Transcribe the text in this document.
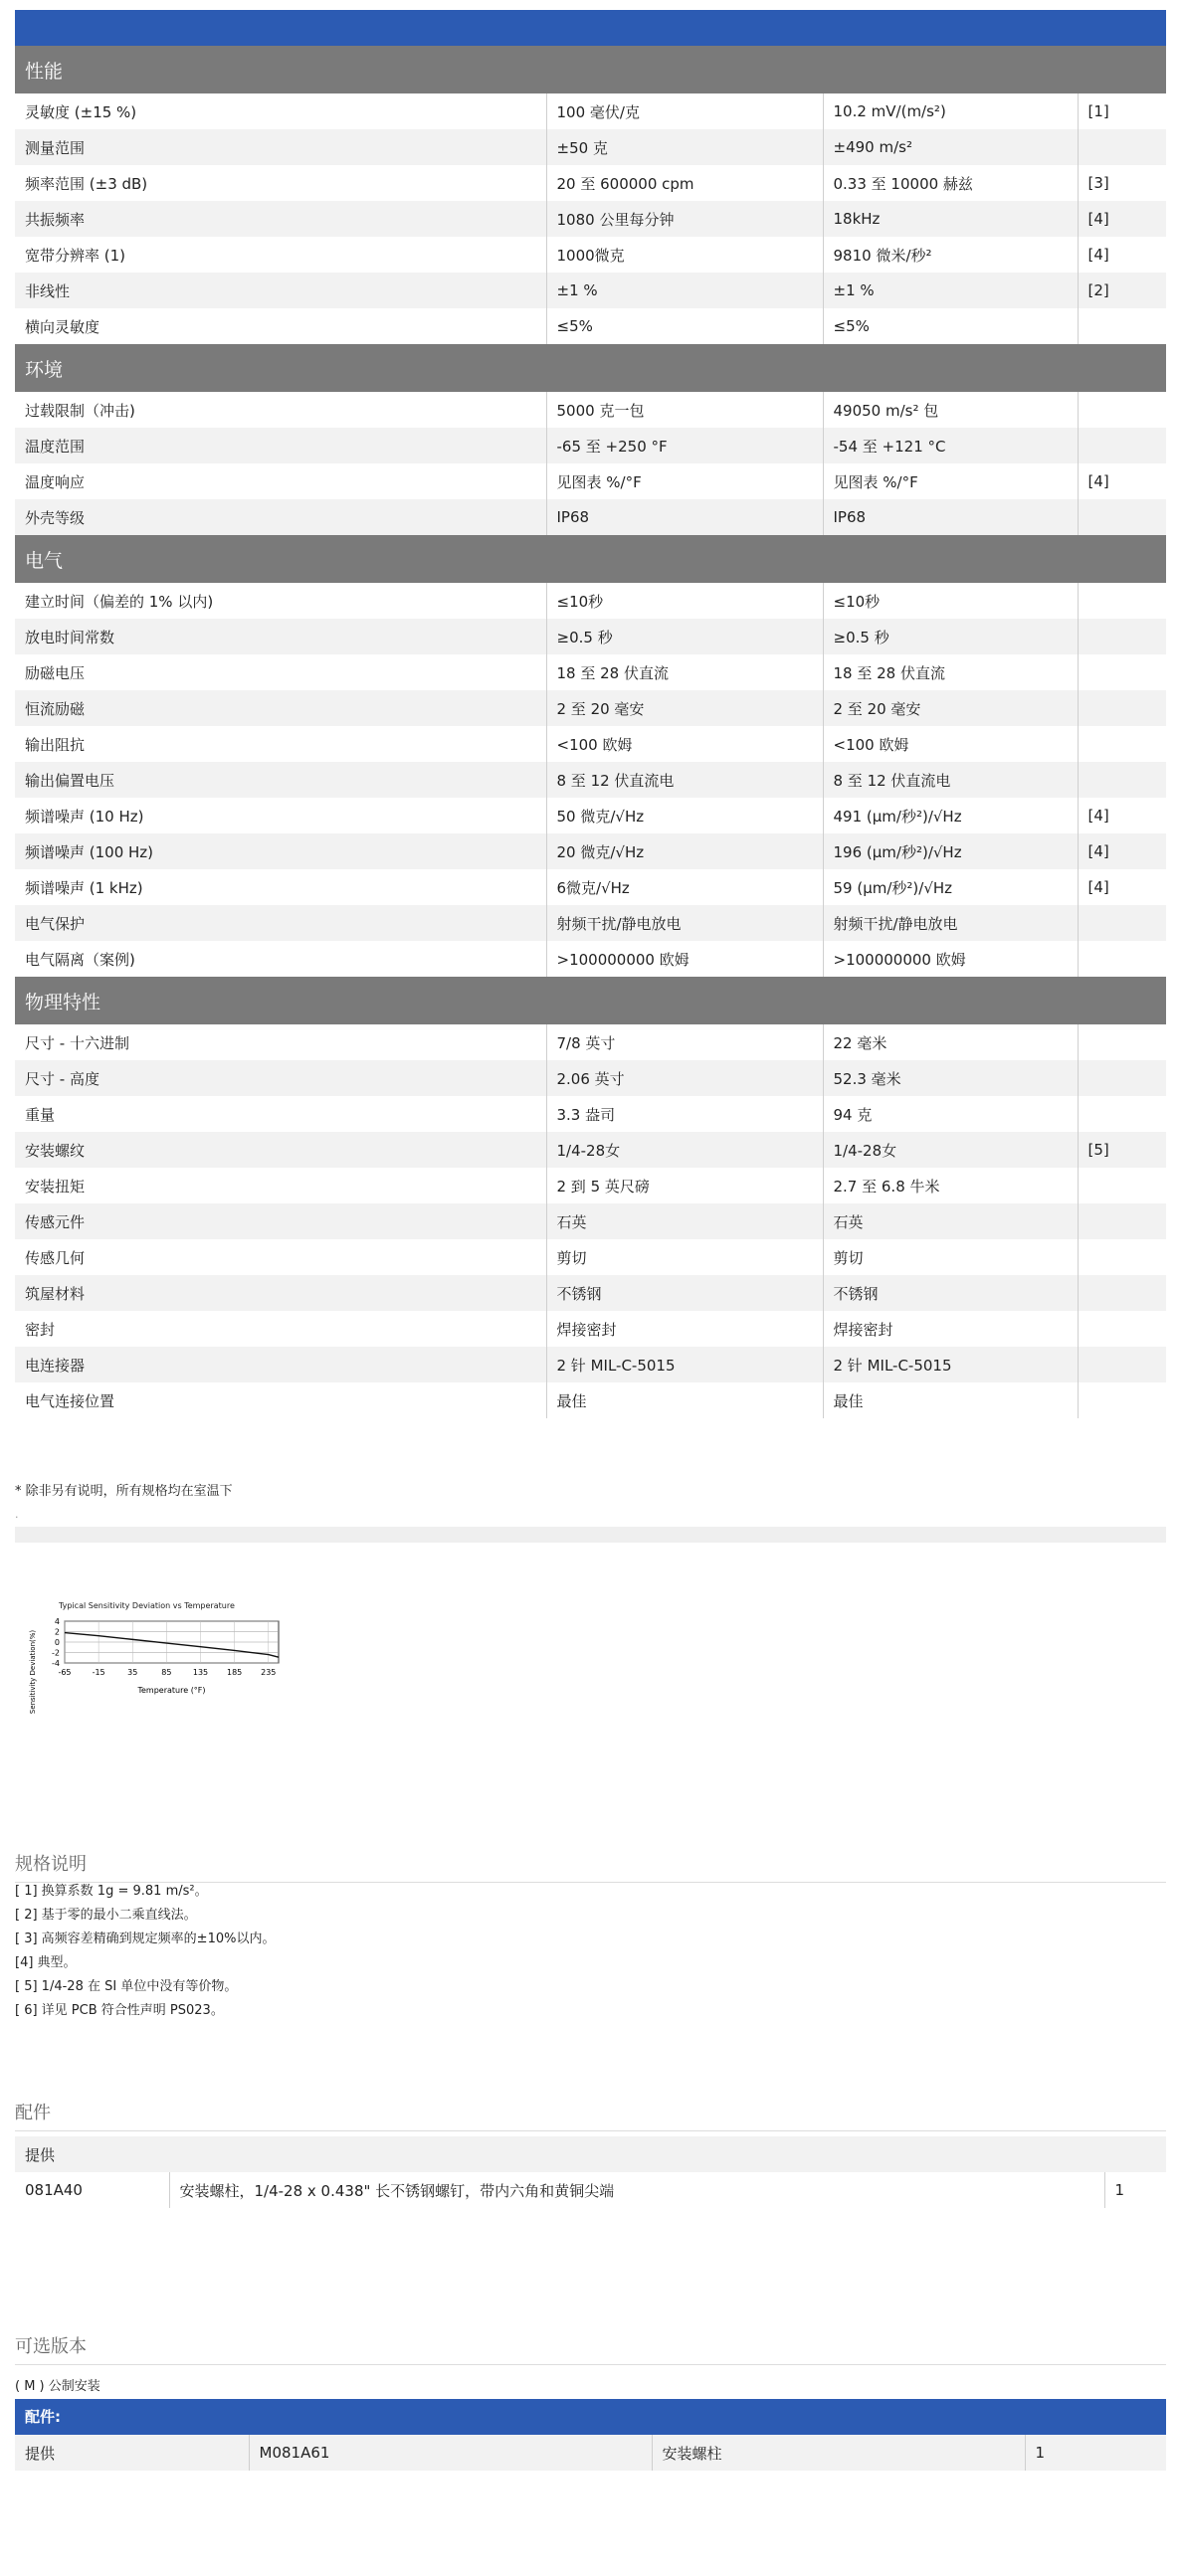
性能			
灵敏度 (±15 %)	100 毫伏/克	10.2 mV/(m/s²)	[1]
测量范围	±50 克	±490 m/s²	
频率范围 (±3 dB)	20 至 600000 cpm	0.33 至 10000 赫兹	[3]
共振频率	1080 公里每分钟	18kHz	[4]
宽带分辨率 (1)	1000微克	9810 微米/秒²	[4]
非线性	±1 %	±1 %	[2]
横向灵敏度	≤5%	≤5%	
环境			
过载限制（冲击)	5000 克一包	49050 m/s² 包	
温度范围	-65 至 +250 °F	-54 至 +121 °C	
温度响应	见图表 %/°F	见图表 %/°F	[4]
外壳等级	IP68	IP68	
电气			
建立时间（偏差的 1% 以内)	≤10秒	≤10秒	
放电时间常数	≥0.5 秒	≥0.5 秒	
励磁电压	18 至 28 伏直流	18 至 28 伏直流	
恒流励磁	2 至 20 毫安	2 至 20 毫安	
输出阻抗	<100 欧姆	<100 欧姆	
输出偏置电压	8 至 12 伏直流电	8 至 12 伏直流电	
频谱噪声 (10 Hz)	50 微克/√Hz	491 (μm/秒²)/√Hz	[4]
频谱噪声 (100 Hz)	20 微克/√Hz	196 (μm/秒²)/√Hz	[4]
频谱噪声 (1 kHz)	6微克/√Hz	59 (μm/秒²)/√Hz	[4]
电气保护	射频干扰/静电放电	射频干扰/静电放电	
电气隔离（案例)	>100000000 欧姆	>100000000 欧姆	
物理特性			
尺寸 - 十六进制	7/8 英寸	22 毫米	
尺寸 - 高度	2.06 英寸	52.3 毫米	
重量	3.3 盎司	94 克	
安装螺纹	1/4-28女	1/4-28女	[5]
安装扭矩	2 到 5 英尺磅	2.7 至 6.8 牛米	
传感元件	石英	石英	
传感几何	剪切	剪切	
筑屋材料	不锈钢	不锈钢	
密封	焊接密封	焊接密封	
电连接器	2 针 MIL-C-5015	2 针 MIL-C-5015	
电气连接位置	最佳	最佳	
* 除非另有说明，所有规格均在室温下
.
Typical Sensitivity Deviation vs Temperature
4
2
0
-2
-4
-65	-15	35	85	135 185 235
Temperature (°F)
Sensitivity Deviation(%)
规格说明
[ 1] 换算系数 1g = 9.81 m/s²。
[ 2] 基于零的最小二乘直线法。
[ 3] 高频容差精确到规定频率的±10%以内。
[4] 典型。
[ 5] 1/4-28 在 SI 单位中没有等价物。
[ 6] 详见 PCB 符合性声明 PS023。
配件
提供
081A40	安装螺柱，1/4-28 x 0.438" 长不锈钢螺钉，带内六角和黄铜尖端	1
可选版本
( M ) 公制安装
配件:
提供	M081A61	安装螺柱	1
